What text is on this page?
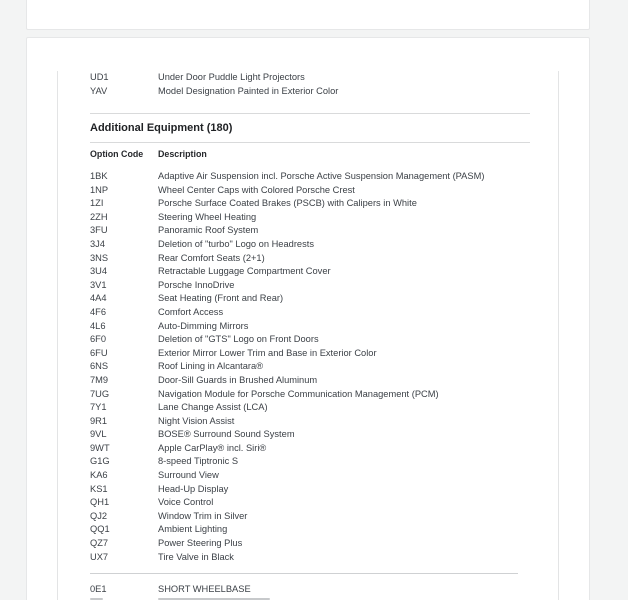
UD1	Under Door Puddle Light Projectors
YAV	Model Designation Painted in Exterior Color
Additional Equipment (180)
Option Code	Description
1BK	Adaptive Air Suspension incl. Porsche Active Suspension Management (PASM)
1NP	Wheel Center Caps with Colored Porsche Crest
1ZI	Porsche Surface Coated Brakes (PSCB) with Calipers in White
2ZH	Steering Wheel Heating
3FU	Panoramic Roof System
3J4	Deletion of "turbo" Logo on Headrests
3NS	Rear Comfort Seats (2+1)
3U4	Retractable Luggage Compartment Cover
3V1	Porsche InnoDrive
4A4	Seat Heating (Front and Rear)
4F6	Comfort Access
4L6	Auto-Dimming Mirrors
6F0	Deletion of "GTS" Logo on Front Doors
6FU	Exterior Mirror Lower Trim and Base in Exterior Color
6NS	Roof Lining in Alcantara®
7M9	Door-Sill Guards in Brushed Aluminum
7UG	Navigation Module for Porsche Communication Management (PCM)
7Y1	Lane Change Assist (LCA)
9R1	Night Vision Assist
9VL	BOSE® Surround Sound System
9WT	Apple CarPlay® incl. Siri®
G1G	8-speed Tiptronic S
KA6	Surround View
KS1	Head-Up Display
QH1	Voice Control
QJ2	Window Trim in Silver
QQ1	Ambient Lighting
QZ7	Power Steering Plus
UX7	Tire Valve in Black
0E1	SHORT WHEELBASE
